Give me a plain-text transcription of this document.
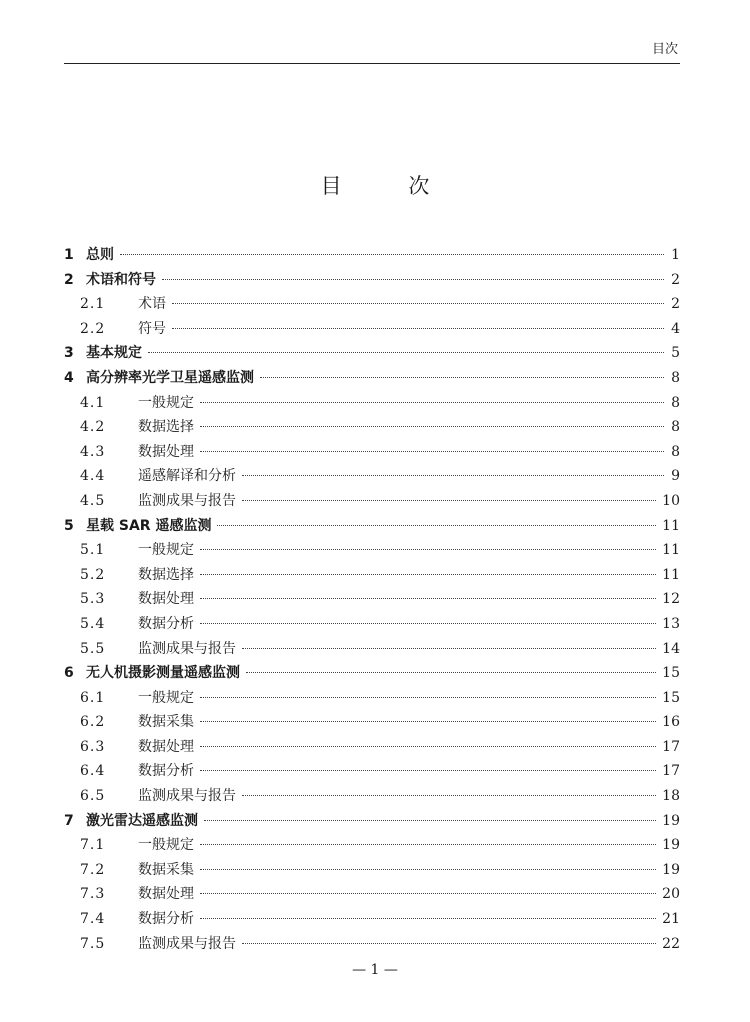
目次
目 次
1 总则	1
2 术语和符号	2
2.1	术语	2
2.2	符号	4
3 基本规定	5
4 高分辨率光学卫星遥感监测	8
4.1	一般规定	8
4.2	数据选择	8
4.3	数据处理	8
4.4	遥感解译和分析	9
4.5	监测成果与报告	10
5 星载 SAR 遥感监测	11
5.1	一般规定	11
5.2	数据选择	11
5.3	数据处理	12
5.4	数据分析	13
5.5	监测成果与报告	14
6 无人机摄影测量遥感监测	15
6.1	一般规定	15
6.2	数据采集	16
6.3	数据处理	17
6.4	数据分析	17
6.5	监测成果与报告	18
7 激光雷达遥感监测	19
7.1	一般规定	19
7.2	数据采集	19
7.3	数据处理	20
7.4	数据分析	21
7.5	监测成果与报告	22
— 1 —
